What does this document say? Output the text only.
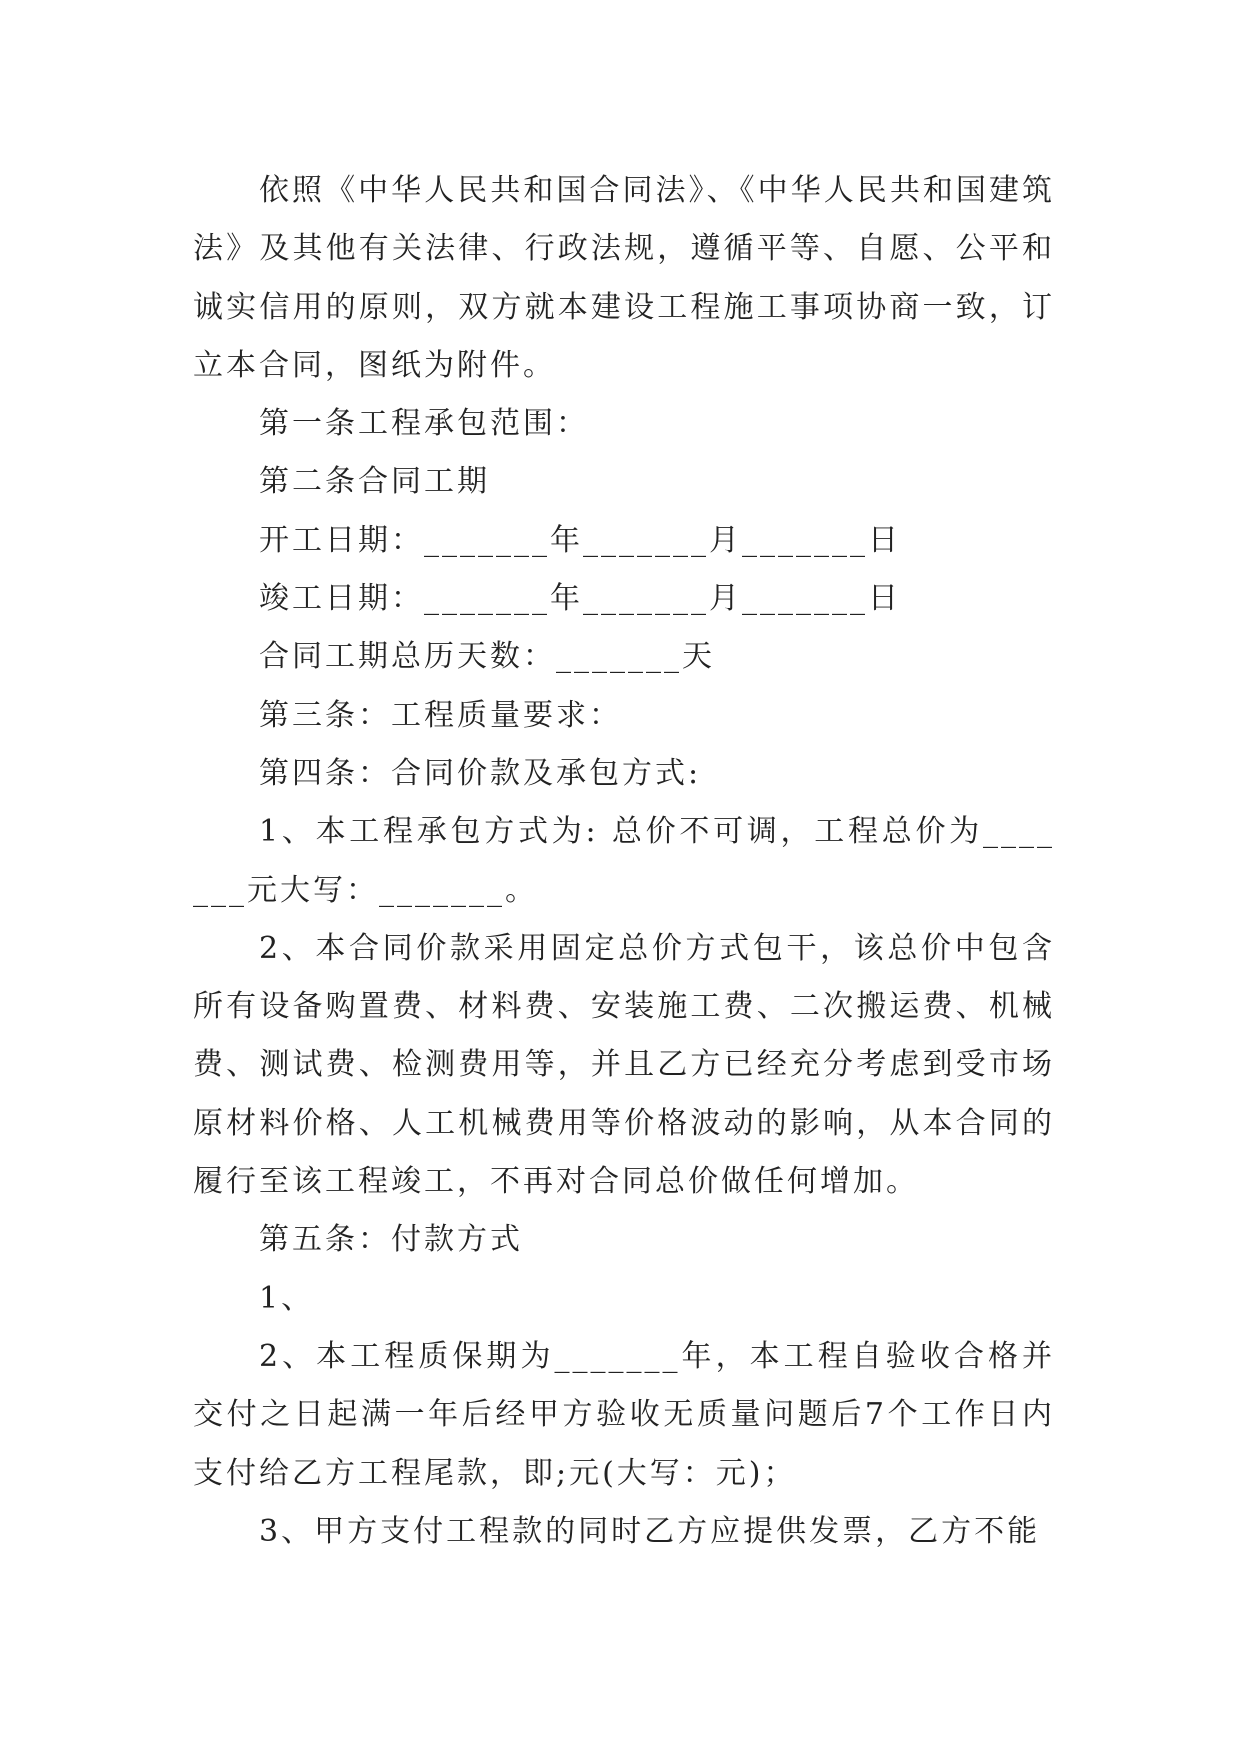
依照《中华人民共和国合同法》、《中华人民共和国建筑法》及其他有关法律、行政法规，遵循平等、自愿、公平和诚实信用的原则，双方就本建设工程施工事项协商一致，订立本合同，图纸为附件。

第一条工程承包范围：

第二条合同工期

开工日期：_______年_______月_______日

竣工日期：_______年_______月_______日

合同工期总历天数：_______天

第三条：工程质量要求：

第四条：合同价款及承包方式:

1、本工程承包方式为: 总价不可调，工程总价为_______元大写：_______。

2、本合同价款采用固定总价方式包干，该总价中包含所有设备购置费、材料费、安装施工费、二次搬运费、机械费、测试费、检测费用等，并且乙方已经充分考虑到受市场原材料价格、人工机械费用等价格波动的影响，从本合同的履行至该工程竣工，不再对合同总价做任何增加。

第五条：付款方式

1、

2、本工程质保期为_______年，本工程自验收合格并交付之日起满一年后经甲方验收无质量问题后7个工作日内支付给乙方工程尾款，即;元(大写：元)；

3、甲方支付工程款的同时乙方应提供发票，乙方不能
